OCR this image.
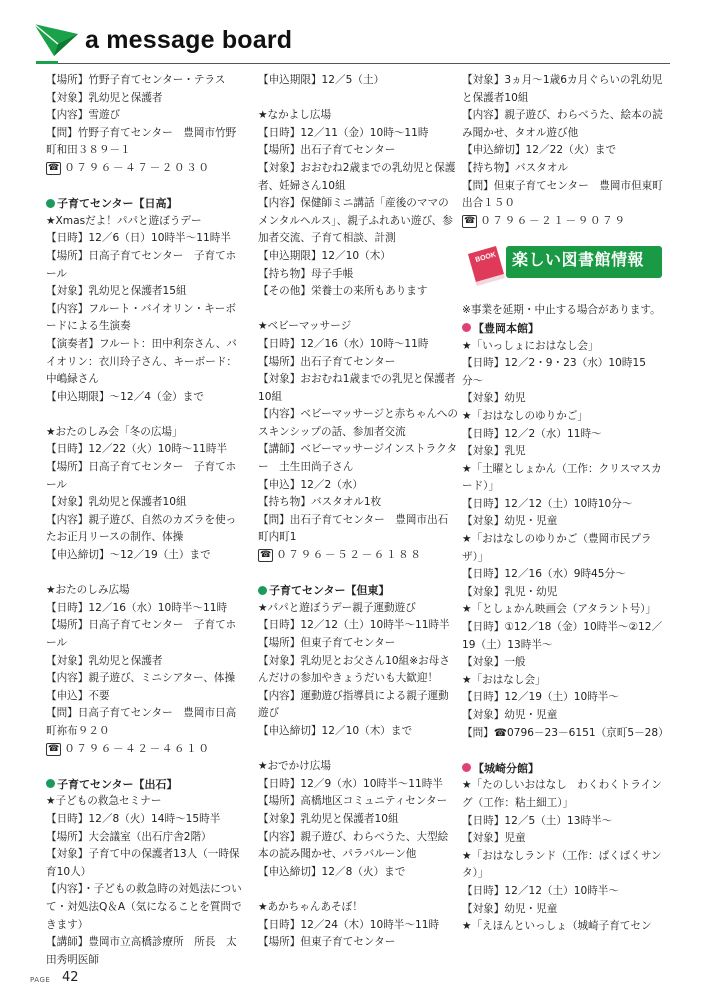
a message board

【場所】竹野子育てセンター・テラス

【対象】乳幼児と保護者

【内容】雪遊び

【問】竹野子育てセンター　豊岡市竹野町和田３８９－１

☎ ０７９６－４７－２０３０

子育てセンター【日高】

★Xmasだよ！パパと遊ぼうデー

【日時】12／6（日）10時半〜11時半

【場所】日高子育てセンター　子育てホール

【対象】乳幼児と保護者15組

【内容】フルート・バイオリン・キーボードによる生演奏

【演奏者】フルート：田中利奈さん、バイオリン：衣川玲子さん、キーボード：中嶋緑さん

【申込期限】〜12／4（金）まで

★おたのしみ会「冬の広場」

【日時】12／22（火）10時〜11時半

【場所】日高子育てセンター　子育てホール

【対象】乳幼児と保護者10組

【内容】親子遊び、自然のカズラを使ったお正月リースの制作、体操

【申込締切】〜12／19（土）まで

★おたのしみ広場

【日時】12／16（水）10時半〜11時

【場所】日高子育てセンター　子育てホール

【対象】乳幼児と保護者

【内容】親子遊び、ミニシアター、体操

【申込】不要

【問】日高子育てセンター　豊岡市日高町祢布９２０

☎ ０７９６－４２－４６１０

子育てセンター【出石】

★子どもの救急セミナー

【日時】12／8（火）14時〜15時半

【場所】大会議室（出石庁舎2階）

【対象】子育て中の保護者13人（一時保育10人）

【内容】・子どもの救急時の対処法について・対処法Q＆A（気になることを質問できます）

【講師】豊岡市立高橋診療所　所長　太田秀明医師

【申込期限】12／5（土）

★なかよし広場

【日時】12／11（金）10時〜11時

【場所】出石子育てセンター

【対象】おおむね2歳までの乳幼児と保護者、妊婦さん10組

【内容】保健師ミニ講話「産後のママのメンタルヘルス」、親子ふれあい遊び、参加者交流、子育て相談、計測

【申込期限】12／10（木）

【持ち物】母子手帳

【その他】栄養士の来所もあります

★ベビーマッサージ

【日時】12／16（水）10時〜11時

【場所】出石子育てセンター

【対象】おおむね1歳までの乳児と保護者10組

【内容】ベビーマッサージと赤ちゃんへのスキンシップの話、参加者交流

【講師】ベビーマッサージインストラクター　土生田尚子さん

【申込】12／2（水）

【持ち物】バスタオル1枚

【問】出石子育てセンター　豊岡市出石町内町1

☎ ０７９６－５２－６１８８

子育てセンター【但東】

★パパと遊ぼうデー親子運動遊び

【日時】12／12（土）10時半〜11時半

【場所】但東子育てセンター

【対象】乳幼児とお父さん10組※お母さんだけの参加やきょうだいも大歓迎！

【内容】運動遊び指導員による親子運動遊び

【申込締切】12／10（木）まで

★おでかけ広場

【日時】12／9（水）10時半〜11時半

【場所】高橋地区コミュニティセンター

【対象】乳幼児と保護者10組

【内容】親子遊び、わらべうた、大型絵本の読み聞かせ、パラバルーン他

【申込締切】12／8（火）まで

★あかちゃんあそぼ！

【日時】12／24（木）10時半〜11時

【場所】但東子育てセンター

【対象】3ヵ月〜1歳6カ月ぐらいの乳幼児と保護者10組

【内容】親子遊び、わらべうた、絵本の読み聞かせ、タオル遊び他

【申込締切】12／22（火）まで

【持ち物】バスタオル

【問】但東子育てセンター　豊岡市但東町出合１５０

☎ ０７９６－２１－９０７９

BOOK 楽しい図書館情報

※事業を延期・中止する場合があります。

【豊岡本館】

★「いっしょにおはなし会」

【日時】12／2・9・23（水）10時15分〜

【対象】幼児

★「おはなしのゆりかご」

【日時】12／2（水）11時〜

【対象】乳児

★「土曜としょかん（工作：クリスマスカード）」

【日時】12／12（土）10時10分〜

【対象】幼児・児童

★「おはなしのゆりかご（豊岡市民プラザ）」

【日時】12／16（水）9時45分〜

【対象】乳児・幼児

★「としょかん映画会（アタラント号）」

【日時】①12／18（金）10時半〜②12／19（土）13時半〜

【対象】一般

★「おはなし会」

【日時】12／19（土）10時半〜

【対象】幼児・児童

【問】☎0796－23－6151（京町5－28）

【城崎分館】

★「たのしいおはなし　わくわくトライング（工作：粘土細工）」

【日時】12／5（土）13時半〜

【対象】児童

★「おはなしランド（工作：ぱくぱくサンタ）」

【日時】12／12（土）10時半〜

【対象】幼児・児童

★「えほんといっしょ（城崎子育てセン

PAGE 42
